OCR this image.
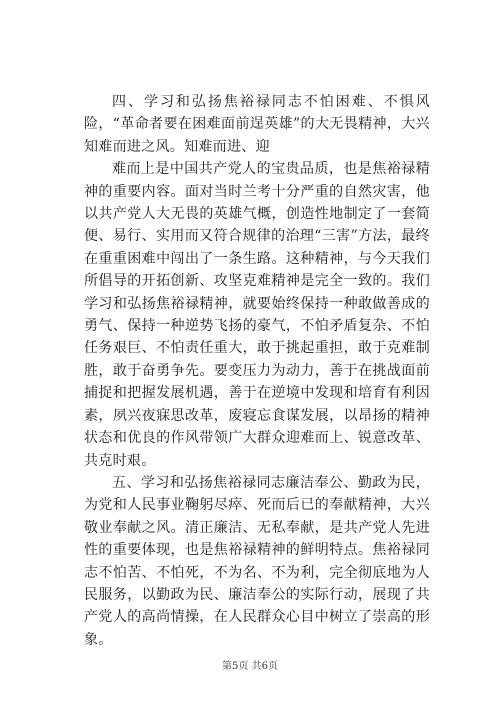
四、学习和弘扬焦裕禄同志不怕困难、不惧风险，“革命者要在困难面前逞英雄”的大无畏精神，大兴知难而进之风。知难而进、迎

难而上是中国共产党人的宝贵品质，也是焦裕禄精神的重要内容。面对当时兰考十分严重的自然灾害，他以共产党人大无畏的英雄气概，创造性地制定了一套简便、易行、实用而又符合规律的治理“三害”方法，最终在重重困难中闯出了一条生路。这种精神，与今天我们所倡导的开拓创新、攻坚克难精神是完全一致的。我们学习和弘扬焦裕禄精神，就要始终保持一种敢做善成的勇气、保持一种逆势飞扬的豪气，不怕矛盾复杂、不怕任务艰巨、不怕责任重大，敢于挑起重担，敢于克难制胜，敢于奋勇争先。要变压力为动力，善于在挑战面前捕捉和把握发展机遇，善于在逆境中发现和培育有利因素，夙兴夜寐思改革，废寝忘食谋发展，以昂扬的精神状态和优良的作风带领广大群众迎难而上、锐意改革、共克时艰。

五、学习和弘扬焦裕禄同志廉洁奉公、勤政为民，为党和人民事业鞠躬尽瘁、死而后已的奉献精神，大兴敬业奉献之风。清正廉洁、无私奉献，是共产党人先进性的重要体现，也是焦裕禄精神的鲜明特点。焦裕禄同志不怕苦、不怕死，不为名、不为利，完全彻底地为人民服务，以勤政为民、廉洁奉公的实际行动，展现了共产党人的高尚情操，在人民群众心目中树立了崇高的形象。

第5页 共6页
